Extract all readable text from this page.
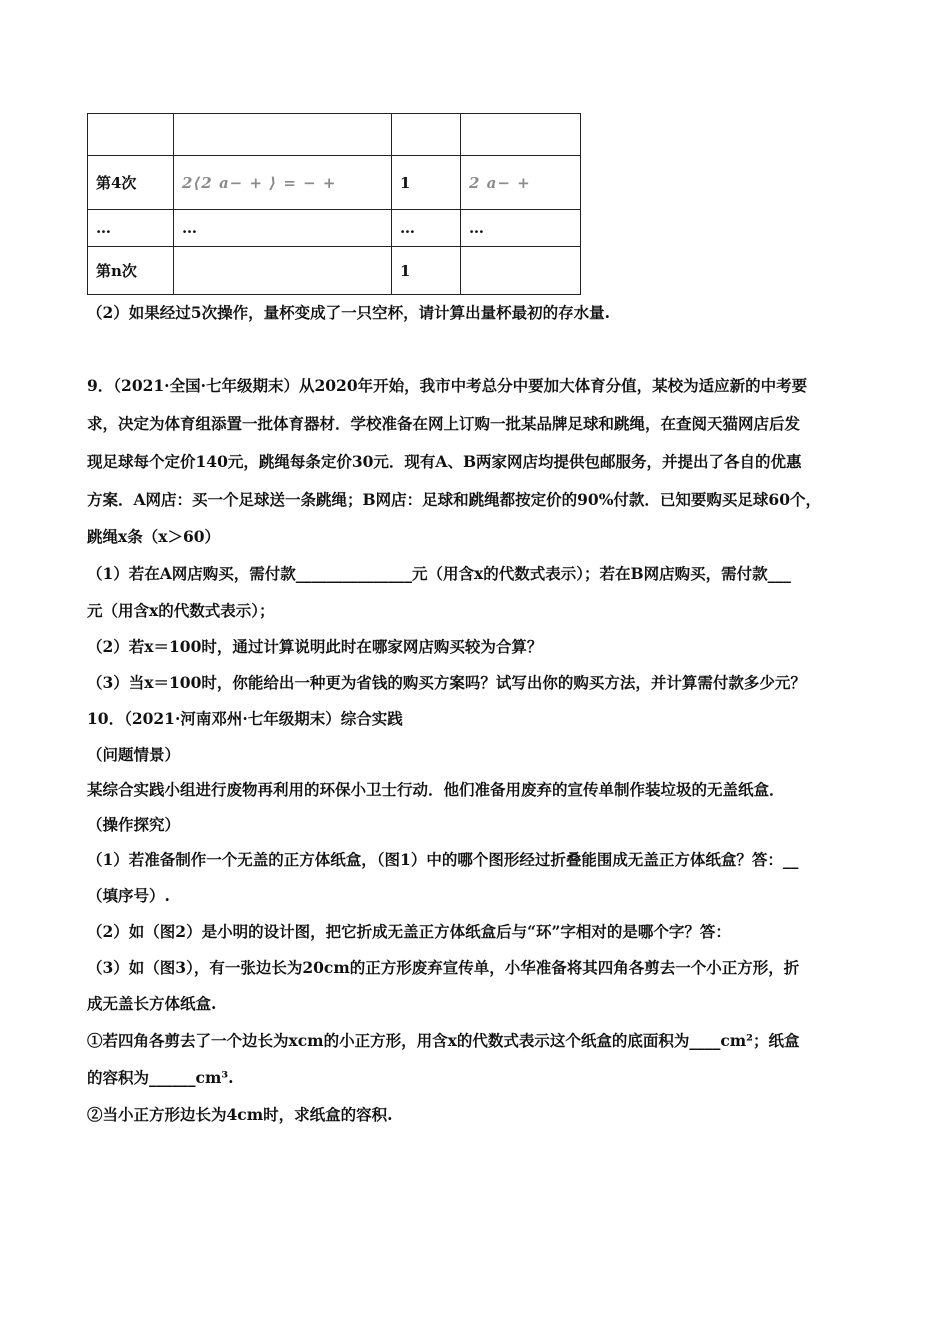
第4次	2⟨2 a− + ⟩ = − +	1	2 a− +
…	…	…	…
第n次		1	
（2）如果经过5次操作，量杯变成了一只空杯，请计算出量杯最初的存水量.
9．（2021·全国·七年级期末）从2020年开始，我市中考总分中要加大体育分值，某校为适应新的中考要
求，决定为体育组添置一批体育器材．学校准备在网上订购一批某品牌足球和跳绳，在查阅天猫网店后发
现足球每个定价140元，跳绳每条定价30元．现有A、B两家网店均提供包邮服务，并提出了各自的优惠
方案．A网店：买一个足球送一条跳绳；B网店：足球和跳绳都按定价的90%付款．已知要购买足球60个，
跳绳x条（x＞60）
（1）若在A网店购买，需付款_______________元（用含x的代数式表示）；若在B网店购买，需付款___
元（用含x的代数式表示）；
（2）若x＝100时，通过计算说明此时在哪家网店购买较为合算？
（3）当x＝100时，你能给出一种更为省钱的购买方案吗？试写出你的购买方法，并计算需付款多少元？
10．（2021·河南邓州·七年级期末）综合实践
（问题情景）
某综合实践小组进行废物再利用的环保小卫士行动．他们准备用废弃的宣传单制作装垃圾的无盖纸盒．
（操作探究）
（1）若准备制作一个无盖的正方体纸盒，（图1）中的哪个图形经过折叠能围成无盖正方体纸盒？答：__
（填序号）.
（2）如（图2）是小明的设计图，把它折成无盖正方体纸盒后与“环”字相对的是哪个字？答：
（3）如（图3），有一张边长为20cm的正方形废弃宣传单，小华准备将其四角各剪去一个小正方形，折
成无盖长方体纸盒.
①若四角各剪去了一个边长为xcm的小正方形，用含x的代数式表示这个纸盒的底面积为____cm²；纸盒
的容积为______cm³.
②当小正方形边长为4cm时，求纸盒的容积.
